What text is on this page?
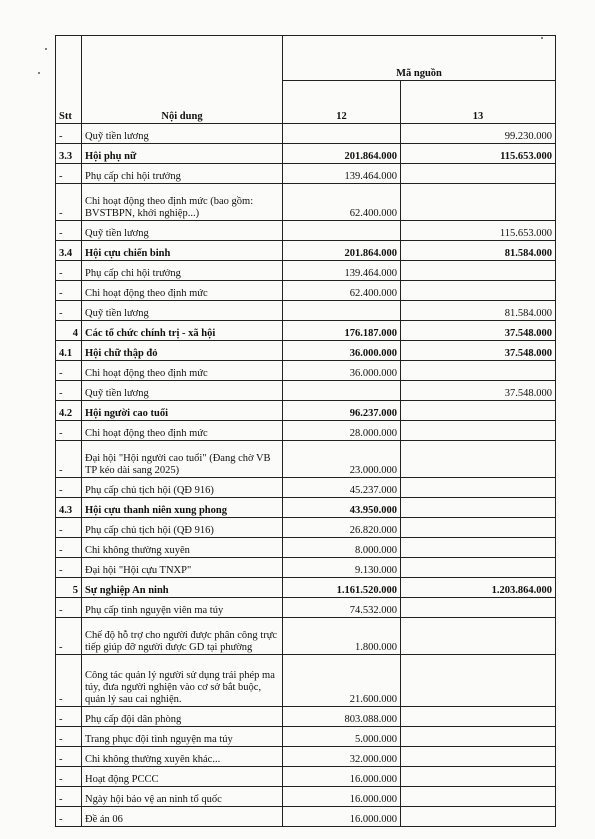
Stt	Nội dung	Mã nguồn	
		12	13
-	Quỹ tiền lương		99.230.000
3.3	Hội phụ nữ	201.864.000	115.653.000
-	Phụ cấp chi hội trưởng	139.464.000	
-	Chi hoạt động theo định mức (bao gồm: BVSTBPN, khởi nghiệp...)	62.400.000	
-	Quỹ tiền lương		115.653.000
3.4	Hội cựu chiến binh	201.864.000	81.584.000
-	Phụ cấp chi hội trưởng	139.464.000	
-	Chi hoạt động theo định mức	62.400.000	
-	Quỹ tiền lương		81.584.000
4	Các tổ chức chính trị - xã hội	176.187.000	37.548.000
4.1	Hội chữ thập đỏ	36.000.000	37.548.000
-	Chi hoạt động theo định mức	36.000.000	
-	Quỹ tiền lương		37.548.000
4.2	Hội người cao tuổi	96.237.000	
-	Chi hoạt động theo định mức	28.000.000	
-	Đại hội "Hội người cao tuổi" (Đang chờ VB TP kéo dài sang 2025)	23.000.000	
-	Phụ cấp chủ tịch hội (QĐ 916)	45.237.000	
4.3	Hội cựu thanh niên xung phong	43.950.000	
-	Phụ cấp chủ tịch hội (QĐ 916)	26.820.000	
-	Chi không thường xuyên	8.000.000	
-	Đại hội "Hội cựu TNXP"	9.130.000	
5	Sự nghiệp An ninh	1.161.520.000	1.203.864.000
-	Phụ cấp tình nguyện viên ma túy	74.532.000	
-	Chế độ hỗ trợ cho người được phân công trực tiếp giúp đỡ người được GD tại phường	1.800.000	
-	Công tác quản lý người sử dụng trái phép ma túy, đưa người nghiện vào cơ sở bắt buộc, quản lý sau cai nghiện.	21.600.000	
-	Phụ cấp đội dân phòng	803.088.000	
-	Trang phục đội tình nguyện ma túy	5.000.000	
-	Chi không thường xuyên khác...	32.000.000	
-	Hoạt động PCCC	16.000.000	
-	Ngày hội bảo vệ an ninh tổ quốc	16.000.000	
-	Đề án 06	16.000.000	
